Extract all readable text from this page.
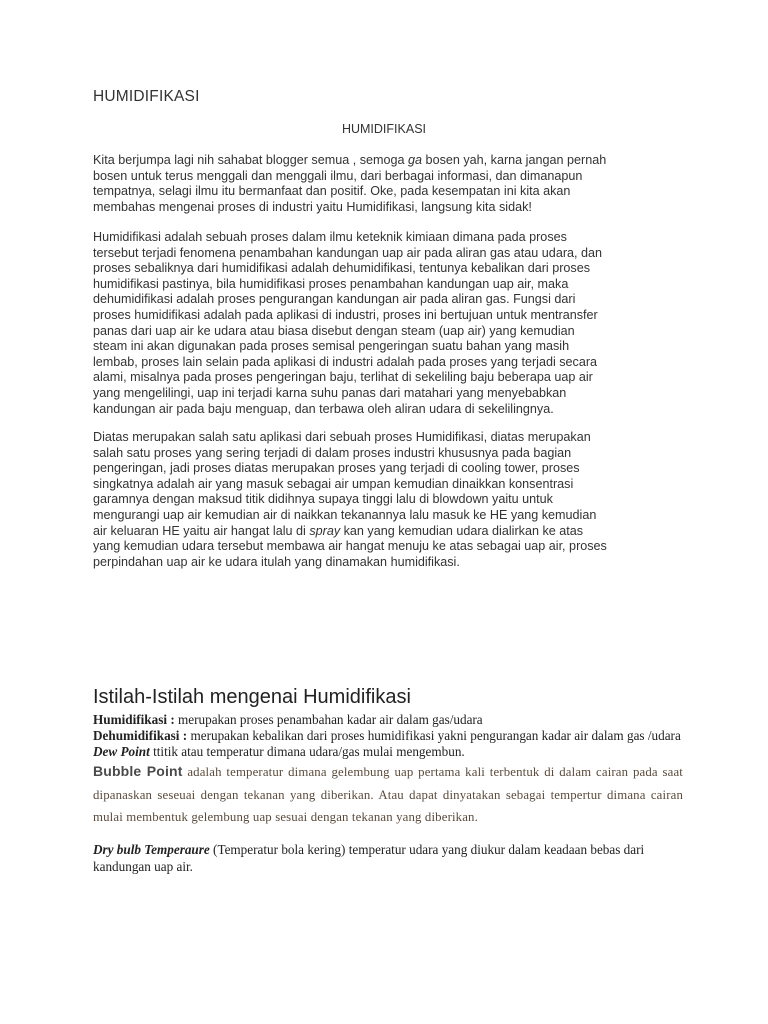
HUMIDIFIKASI

HUMIDIFIKASI

Kita berjumpa lagi nih sahabat blogger semua , semoga ga bosen yah, karna jangan pernah
bosen untuk terus menggali dan menggali ilmu, dari berbagai informasi, dan dimanapun
tempatnya, selagi ilmu itu bermanfaat dan positif. Oke, pada kesempatan ini kita akan
membahas mengenai proses di industri yaitu Humidifikasi, langsung kita sidak!

Humidifikasi adalah sebuah proses dalam ilmu keteknik kimiaan dimana pada proses
tersebut terjadi fenomena penambahan kandungan uap air pada aliran gas atau udara, dan
proses sebaliknya dari humidifikasi adalah dehumidifikasi, tentunya kebalikan dari proses
humidifikasi pastinya, bila humidifikasi proses penambahan kandungan uap air, maka
dehumidifikasi adalah proses pengurangan kandungan air pada aliran gas. Fungsi dari
proses humidifikasi adalah pada aplikasi di industri, proses ini bertujuan untuk mentransfer
panas dari uap air ke udara atau biasa disebut dengan steam (uap air) yang kemudian
steam ini akan digunakan pada proses semisal pengeringan suatu bahan yang masih
lembab, proses lain selain pada aplikasi di industri adalah pada proses yang terjadi secara
alami, misalnya pada proses pengeringan baju, terlihat di sekeliling baju beberapa uap air
yang mengelilingi, uap ini terjadi karna suhu panas dari matahari yang menyebabkan
kandungan air pada baju menguap, dan terbawa oleh aliran udara di sekelilingnya.

Diatas merupakan salah satu aplikasi dari sebuah proses Humidifikasi, diatas merupakan
salah satu proses yang sering terjadi di dalam proses industri khususnya pada bagian
pengeringan, jadi proses diatas merupakan proses yang terjadi di cooling tower, proses
singkatnya adalah air yang masuk sebagai air umpan kemudian dinaikkan konsentrasi
garamnya dengan maksud titik didihnya supaya tinggi lalu di blowdown yaitu untuk
mengurangi uap air kemudian air di naikkan tekanannya lalu masuk ke HE yang kemudian
air keluaran HE yaitu air hangat lalu di spray kan yang kemudian udara dialirkan ke atas
yang kemudian udara tersebut membawa air hangat menuju ke atas sebagai uap air, proses
perpindahan uap air ke udara itulah yang dinamakan humidifikasi.

Istilah-Istilah mengenai Humidifikasi

Humidifikasi : merupakan proses penambahan kadar air dalam gas/udara

Dehumidifikasi : merupakan kebalikan dari proses humidifikasi yakni pengurangan kadar air dalam gas /udara

Dew Point ttitik atau temperatur dimana udara/gas mulai mengembun.

Bubble Point adalah temperatur dimana gelembung uap pertama kali terbentuk di dalam cairan pada saat dipanaskan seseuai dengan tekanan yang diberikan. Atau dapat dinyatakan sebagai tempertur dimana cairan mulai membentuk gelembung uap sesuai dengan tekanan yang diberikan.

Dry bulb Temperaure (Temperatur bola kering) temperatur udara yang diukur dalam keadaan bebas dari kandungan uap air.
